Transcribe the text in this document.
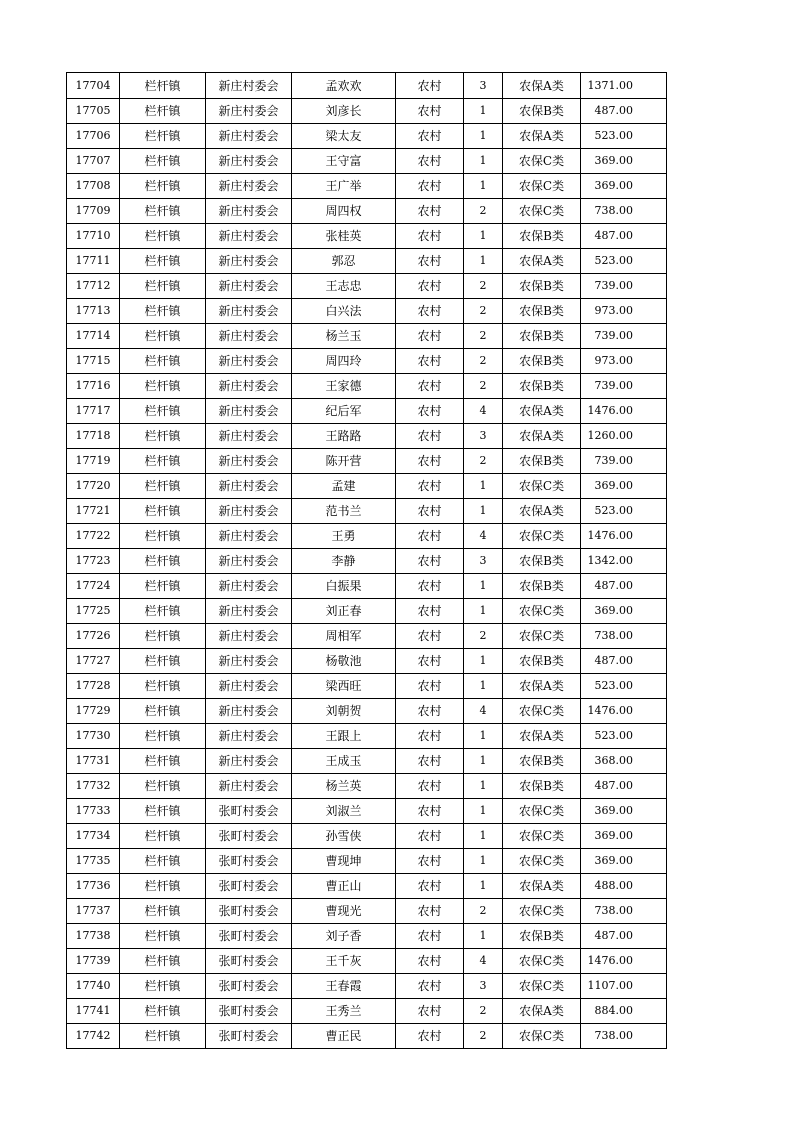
17704	栏杆镇	新庄村委会	孟欢欢	农村	3	农保A类	1371.00
17705	栏杆镇	新庄村委会	刘彦长	农村	1	农保B类	487.00
17706	栏杆镇	新庄村委会	梁太友	农村	1	农保A类	523.00
17707	栏杆镇	新庄村委会	王守富	农村	1	农保C类	369.00
17708	栏杆镇	新庄村委会	王广举	农村	1	农保C类	369.00
17709	栏杆镇	新庄村委会	周四权	农村	2	农保C类	738.00
17710	栏杆镇	新庄村委会	张桂英	农村	1	农保B类	487.00
17711	栏杆镇	新庄村委会	郭忍	农村	1	农保A类	523.00
17712	栏杆镇	新庄村委会	王志忠	农村	2	农保B类	739.00
17713	栏杆镇	新庄村委会	白兴法	农村	2	农保B类	973.00
17714	栏杆镇	新庄村委会	杨兰玉	农村	2	农保B类	739.00
17715	栏杆镇	新庄村委会	周四玲	农村	2	农保B类	973.00
17716	栏杆镇	新庄村委会	王家德	农村	2	农保B类	739.00
17717	栏杆镇	新庄村委会	纪后军	农村	4	农保A类	1476.00
17718	栏杆镇	新庄村委会	王路路	农村	3	农保A类	1260.00
17719	栏杆镇	新庄村委会	陈开营	农村	2	农保B类	739.00
17720	栏杆镇	新庄村委会	孟建	农村	1	农保C类	369.00
17721	栏杆镇	新庄村委会	范书兰	农村	1	农保A类	523.00
17722	栏杆镇	新庄村委会	王勇	农村	4	农保C类	1476.00
17723	栏杆镇	新庄村委会	李静	农村	3	农保B类	1342.00
17724	栏杆镇	新庄村委会	白振果	农村	1	农保B类	487.00
17725	栏杆镇	新庄村委会	刘正春	农村	1	农保C类	369.00
17726	栏杆镇	新庄村委会	周相军	农村	2	农保C类	738.00
17727	栏杆镇	新庄村委会	杨敬池	农村	1	农保B类	487.00
17728	栏杆镇	新庄村委会	梁西旺	农村	1	农保A类	523.00
17729	栏杆镇	新庄村委会	刘朝贺	农村	4	农保C类	1476.00
17730	栏杆镇	新庄村委会	王跟上	农村	1	农保A类	523.00
17731	栏杆镇	新庄村委会	王成玉	农村	1	农保B类	368.00
17732	栏杆镇	新庄村委会	杨兰英	农村	1	农保B类	487.00
17733	栏杆镇	张町村委会	刘淑兰	农村	1	农保C类	369.00
17734	栏杆镇	张町村委会	孙雪侠	农村	1	农保C类	369.00
17735	栏杆镇	张町村委会	曹现坤	农村	1	农保C类	369.00
17736	栏杆镇	张町村委会	曹正山	农村	1	农保A类	488.00
17737	栏杆镇	张町村委会	曹现光	农村	2	农保C类	738.00
17738	栏杆镇	张町村委会	刘子香	农村	1	农保B类	487.00
17739	栏杆镇	张町村委会	王千灰	农村	4	农保C类	1476.00
17740	栏杆镇	张町村委会	王春霞	农村	3	农保C类	1107.00
17741	栏杆镇	张町村委会	王秀兰	农村	2	农保A类	884.00
17742	栏杆镇	张町村委会	曹正民	农村	2	农保C类	738.00
